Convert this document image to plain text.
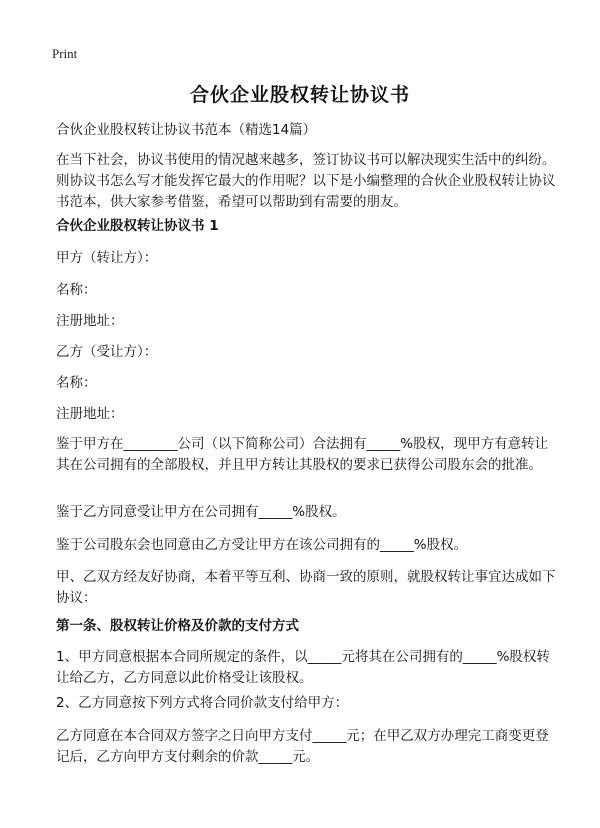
Print
合伙企业股权转让协议书

合伙企业股权转让协议书范本（精选14篇）

在当下社会，协议书使用的情况越来越多，签订协议书可以解决现实生活中的纠纷。则协议书怎么写才能发挥它最大的作用呢？以下是小编整理的合伙企业股权转让协议书范本，供大家参考借鉴，希望可以帮助到有需要的朋友。

合伙企业股权转让协议书 1

甲方（转让方）：

名称：

注册地址：

乙方（受让方）：

名称：

注册地址：

鉴于甲方在________公司（以下简称公司）合法拥有_____%股权，现甲方有意转让其在公司拥有的全部股权，并且甲方转让其股权的要求已获得公司股东会的批准。

鉴于乙方同意受让甲方在公司拥有_____%股权。

鉴于公司股东会也同意由乙方受让甲方在该公司拥有的_____%股权。

甲、乙双方经友好协商，本着平等互利、协商一致的原则，就股权转让事宜达成如下协议：

第一条、股权转让价格及价款的支付方式

1、甲方同意根据本合同所规定的条件，以_____元将其在公司拥有的_____%股权转让给乙方，乙方同意以此价格受让该股权。

2、乙方同意按下列方式将合同价款支付给甲方：

乙方同意在本合同双方签字之日向甲方支付_____元；在甲乙双方办理完工商变更登记后，乙方向甲方支付剩余的价款_____元。
